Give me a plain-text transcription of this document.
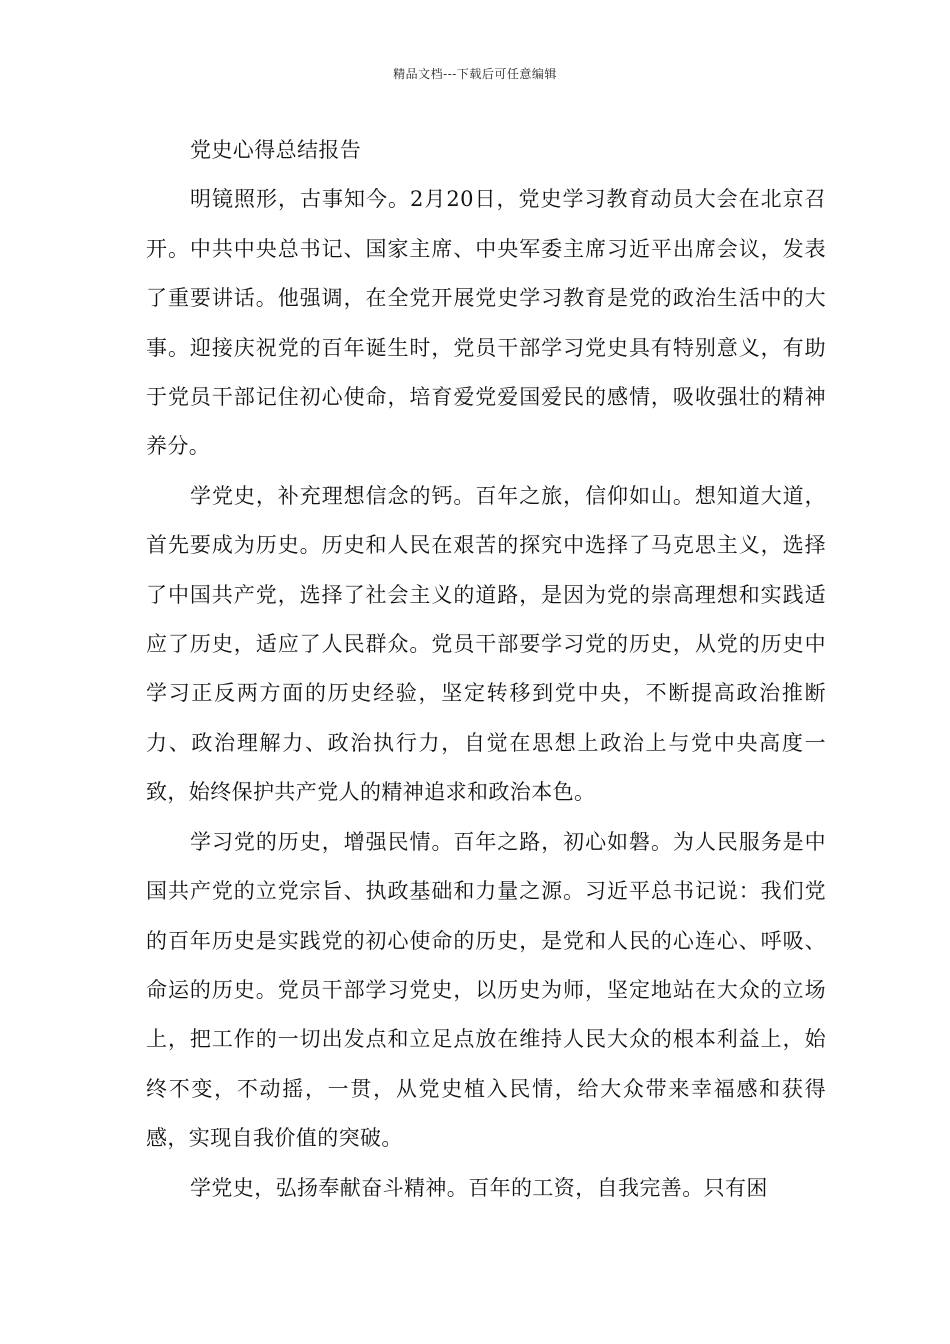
精品文档---下载后可任意编辑

党史心得总结报告

明镜照形，古事知今。2月20日，党史学习教育动员大会在北京召开。中共中央总书记、国家主席、中央军委主席习近平出席会议，发表了重要讲话。他强调，在全党开展党史学习教育是党的政治生活中的大事。迎接庆祝党的百年诞生时，党员干部学习党史具有特别意义，有助于党员干部记住初心使命，培育爱党爱国爱民的感情，吸收强壮的精神养分。

学党史，补充理想信念的钙。百年之旅，信仰如山。想知道大道，首先要成为历史。历史和人民在艰苦的探究中选择了马克思主义，选择了中国共产党，选择了社会主义的道路，是因为党的崇高理想和实践适应了历史，适应了人民群众。党员干部要学习党的历史，从党的历史中学习正反两方面的历史经验，坚定转移到党中央，不断提高政治推断力、政治理解力、政治执行力，自觉在思想上政治上与党中央高度一致，始终保护共产党人的精神追求和政治本色。

学习党的历史，增强民情。百年之路，初心如磐。为人民服务是中国共产党的立党宗旨、执政基础和力量之源。习近平总书记说：我们党的百年历史是实践党的初心使命的历史，是党和人民的心连心、呼吸、命运的历史。党员干部学习党史，以历史为师，坚定地站在大众的立场上，把工作的一切出发点和立足点放在维持人民大众的根本利益上，始终不变，不动摇，一贯，从党史植入民情，给大众带来幸福感和获得感，实现自我价值的突破。

学党史，弘扬奉献奋斗精神。百年的工资，自我完善。只有困
